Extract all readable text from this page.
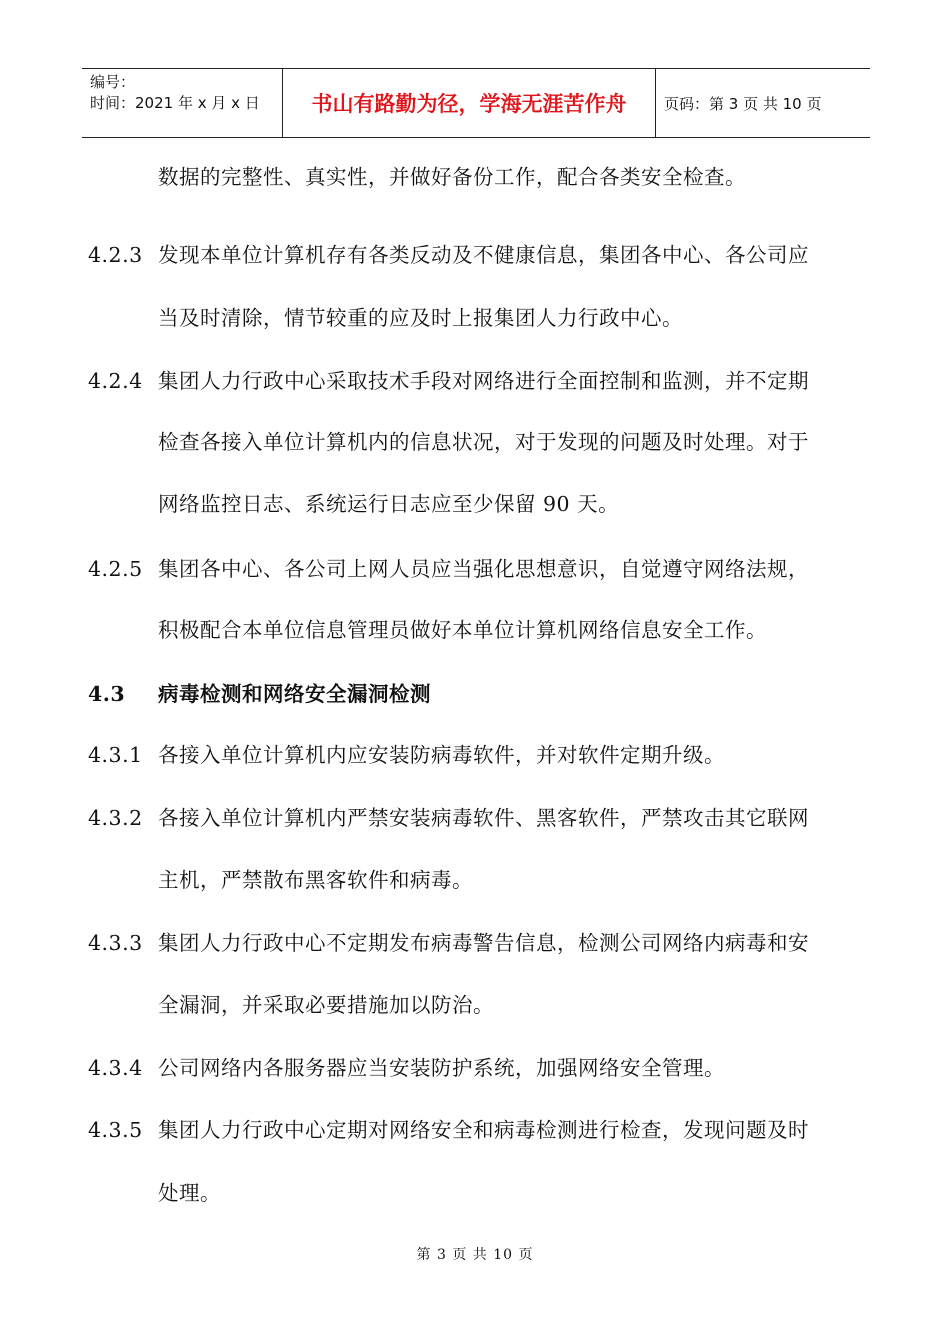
编号：
时间：2021 年 x 月 x 日	书山有路勤为径，学海无涯苦作舟	页码：第 3 页 共 10 页
数据的完整性、真实性，并做好备份工作，配合各类安全检查。
4.2.3 发现本单位计算机存有各类反动及不健康信息，集团各中心、各公司应
当及时清除，情节较重的应及时上报集团人力行政中心。
4.2.4 集团人力行政中心采取技术手段对网络进行全面控制和监测，并不定期
检查各接入单位计算机内的信息状况，对于发现的问题及时处理。对于
网络监控日志、系统运行日志应至少保留 90 天。
4.2.5 集团各中心、各公司上网人员应当强化思想意识，自觉遵守网络法规，
积极配合本单位信息管理员做好本单位计算机网络信息安全工作。
4.3 病毒检测和网络安全漏洞检测
4.3.1 各接入单位计算机内应安装防病毒软件，并对软件定期升级。
4.3.2 各接入单位计算机内严禁安装病毒软件、黑客软件，严禁攻击其它联网
主机，严禁散布黑客软件和病毒。
4.3.3 集团人力行政中心不定期发布病毒警告信息，检测公司网络内病毒和安
全漏洞，并采取必要措施加以防治。
4.3.4 公司网络内各服务器应当安装防护系统，加强网络安全管理。
4.3.5 集团人力行政中心定期对网络安全和病毒检测进行检查，发现问题及时
处理。
第 3 页 共 10 页
